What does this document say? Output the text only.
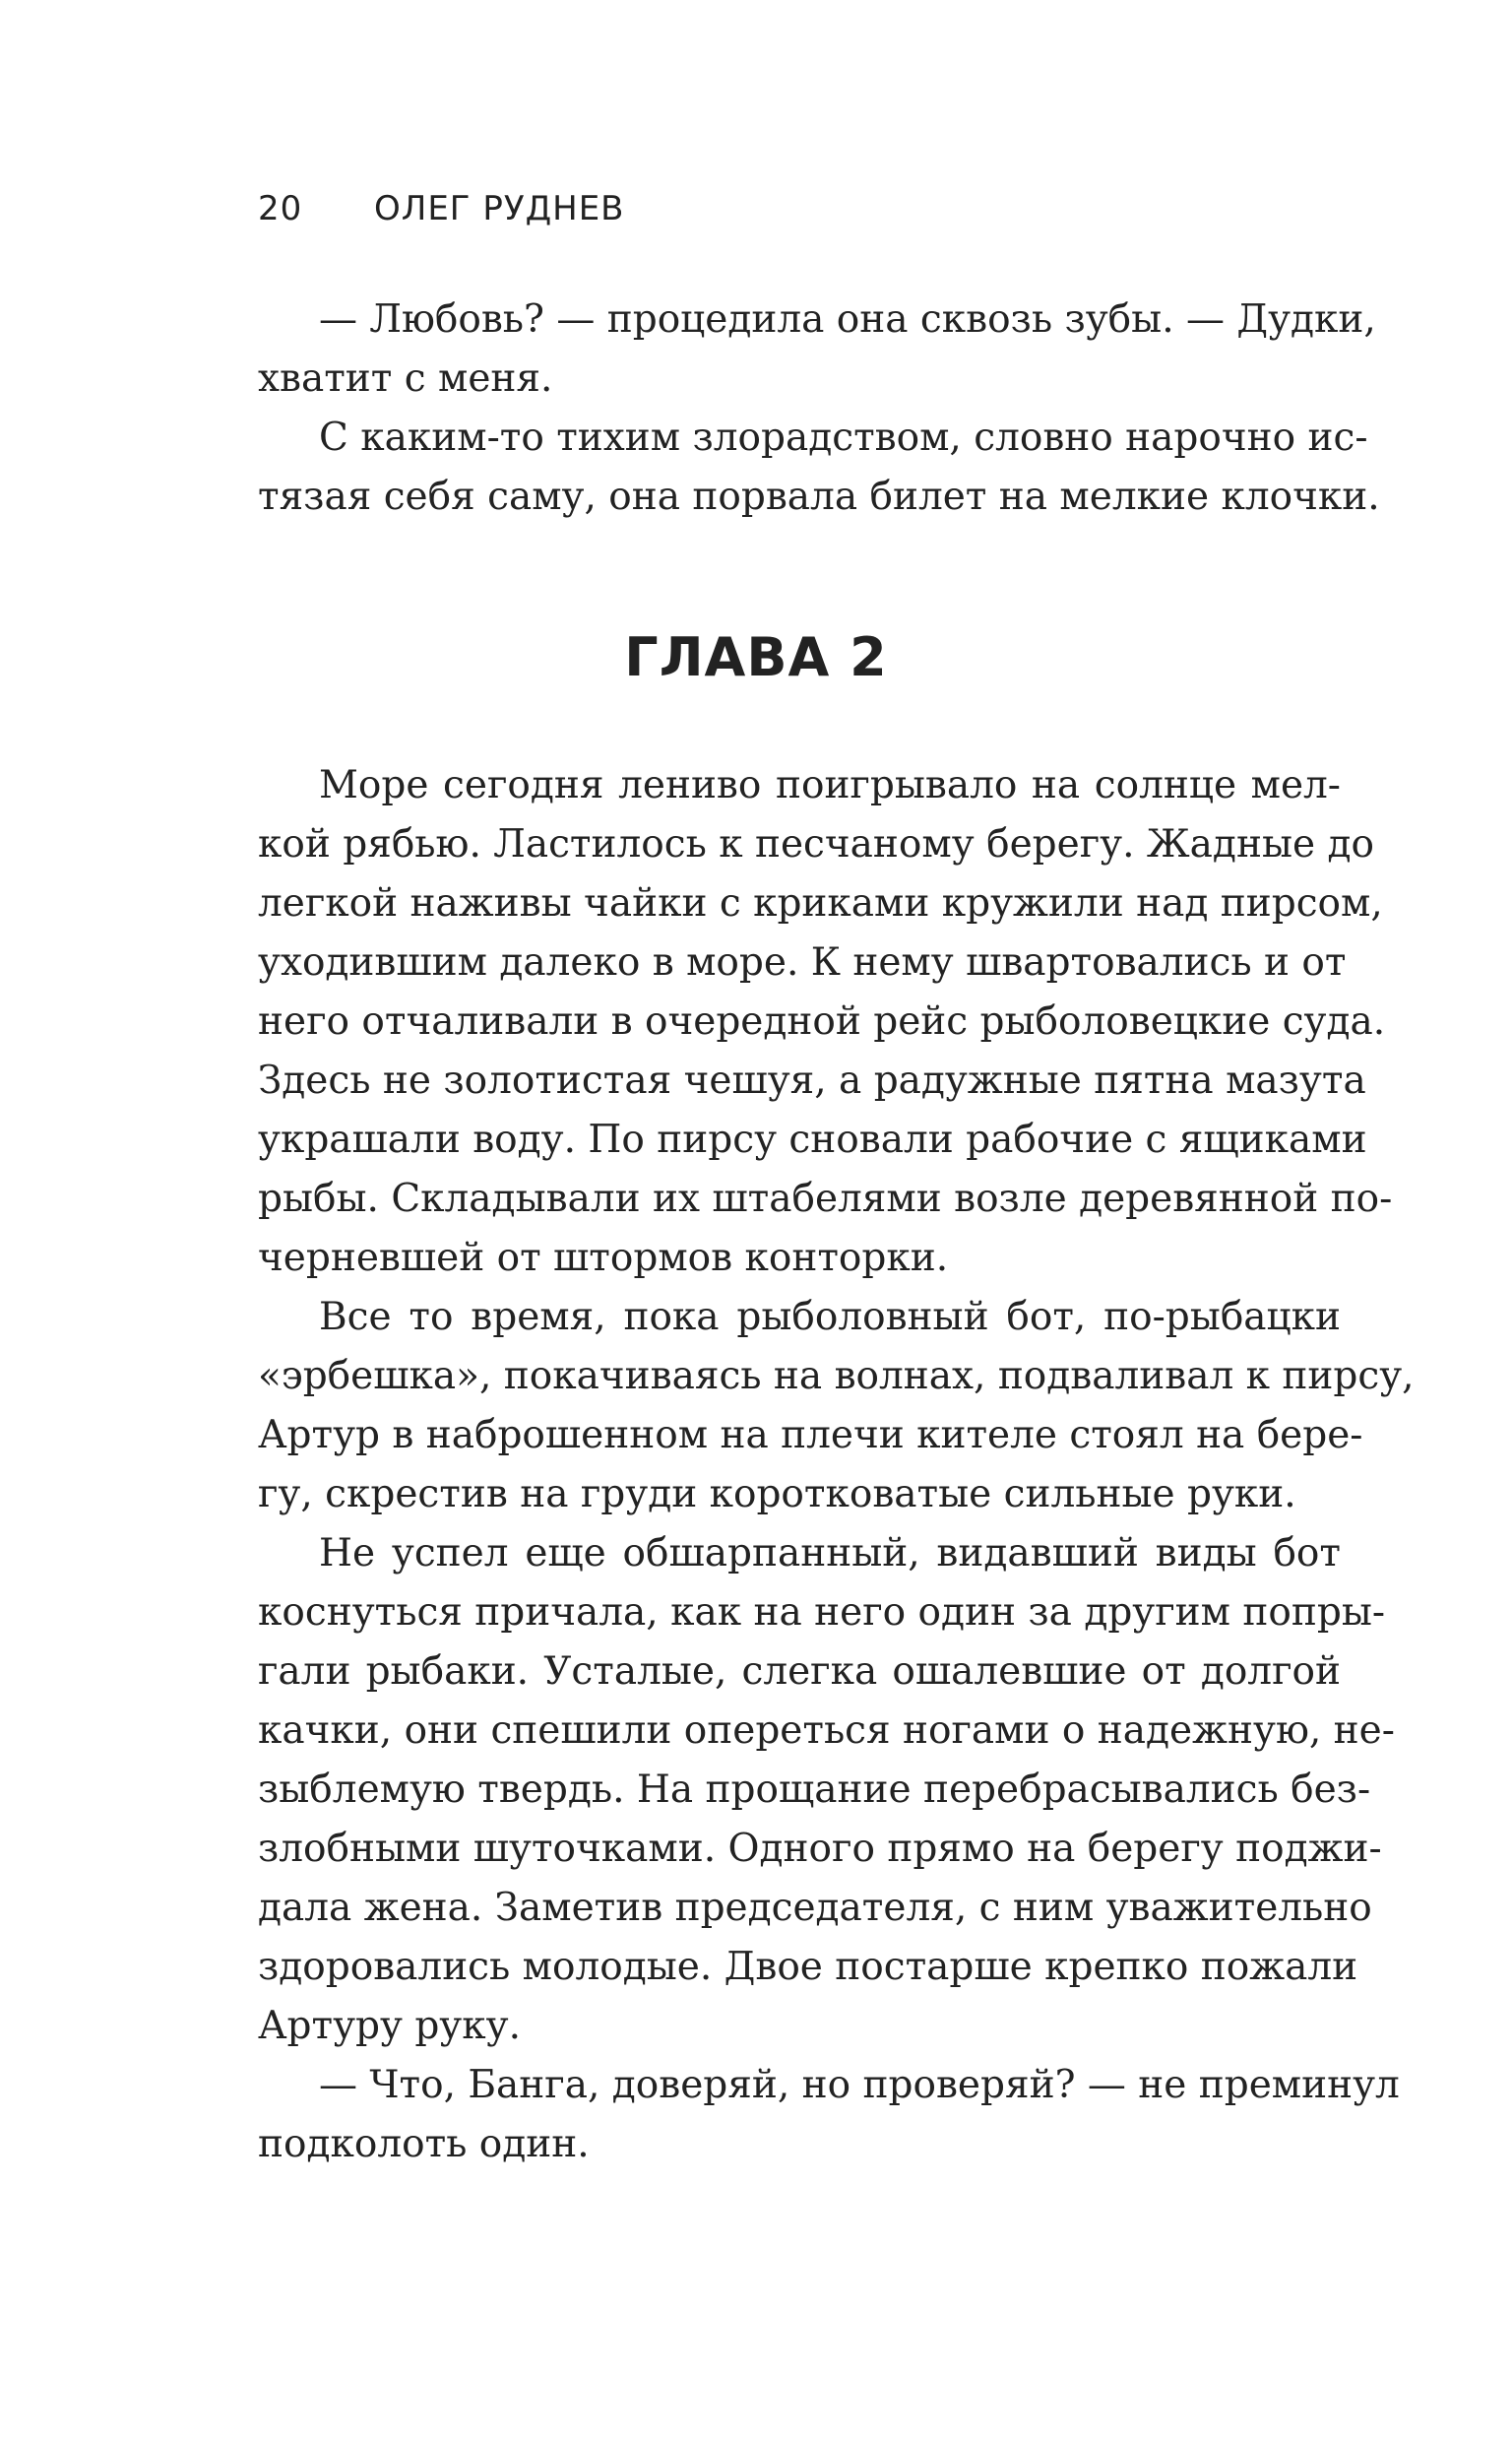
20 ОЛЕГ РУДНЕВ
— Любовь? — процедила она сквозь зубы. — Дудки,
хватит с меня.
С каким-то тихим злорадством, словно нарочно ис-
тязая себя саму, она порвала билет на мелкие клочки.
ГЛАВА 2
Море сегодня лениво поигрывало на солнце мел-
кой рябью. Ластилось к песчаному берегу. Жадные до
легкой наживы чайки с криками кружили над пирсом,
уходившим далеко в море. К нему швартовались и от
него отчаливали в очередной рейс рыболовецкие суда.
Здесь не золотистая чешуя, а радужные пятна мазута
украшали воду. По пирсу сновали рабочие с ящиками
рыбы. Складывали их штабелями возле деревянной по-
черневшей от штормов конторки.
Все то время, пока рыболовный бот, по-рыбацки
«эрбешка», покачиваясь на волнах, подваливал к пирсу,
Артур в наброшенном на плечи кителе стоял на бере-
гу, скрестив на груди коротковатые сильные руки.
Не успел еще обшарпанный, видавший виды бот
коснуться причала, как на него один за другим попры-
гали рыбаки. Усталые, слегка ошалевшие от долгой
качки, они спешили опереться ногами о надежную, не-
зыблемую твердь. На прощание перебрасывались без-
злобными шуточками. Одного прямо на берегу поджи-
дала жена. Заметив председателя, с ним уважительно
здоровались молодые. Двое постарше крепко пожали
Артуру руку.
— Что, Банга, доверяй, но проверяй? — не преминул
подколоть один.
